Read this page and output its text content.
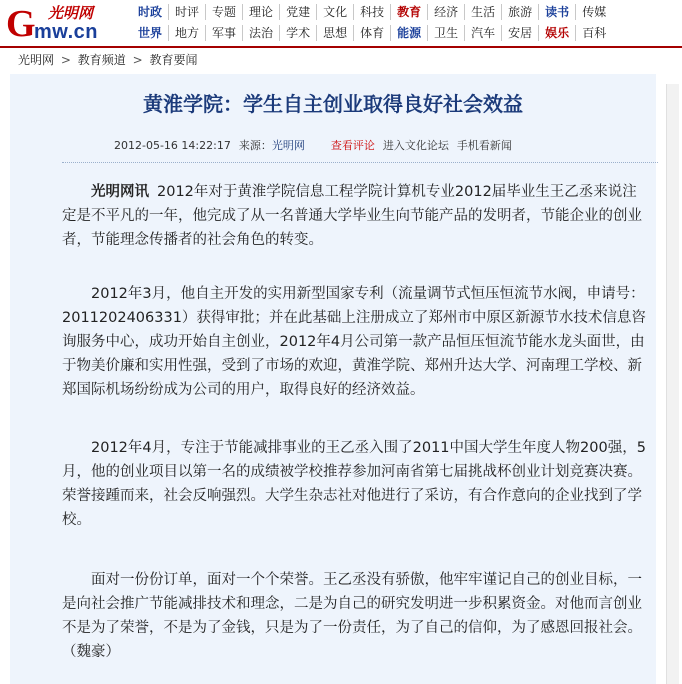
G
mw.cn
光明网	时政	时评	专题	理论	党建	文化	科技	教育	经济	生活	旅游	读书	传媒
世界	地方	军事	法治	学术	思想	体育	能源	卫生	汽车	安居	娱乐	百科
光明网 > 教育频道 > 教育要闻
黄淮学院：学生自主创业取得良好社会效益
2012-05-16 14:22:17 来源：光明网 查看评论 进入文化论坛 手机看新闻
光明网讯 2012年对于黄淮学院信息工程学院计算机专业2012届毕业生王乙丞来说注定是不平凡的一年，他完成了从一名普通大学毕业生向节能产品的发明者，节能企业的创业者，节能理念传播者的社会角色的转变。
2012年3月，他自主开发的实用新型国家专利（流量调节式恒压恒流节水阀，申请号：2011202406331）获得审批；并在此基础上注册成立了郑州市中原区新源节水技术信息咨询服务中心，成功开始自主创业，2012年4月公司第一款产品恒压恒流节能水龙头面世，由于物美价廉和实用性强，受到了市场的欢迎，黄淮学院、郑州升达大学、河南理工学校、新郑国际机场纷纷成为公司的用户，取得良好的经济效益。
2012年4月，专注于节能减排事业的王乙丞入围了2011中国大学生年度人物200强，5月，他的创业项目以第一名的成绩被学校推荐参加河南省第七届挑战杯创业计划竞赛决赛。荣誉接踵而来，社会反响强烈。大学生杂志社对他进行了采访，有合作意向的企业找到了学校。
面对一份份订单，面对一个个荣誉。王乙丞没有骄傲，他牢牢谨记自己的创业目标，一是向社会推广节能减排技术和理念，二是为自己的研究发明进一步积累资金。对他而言创业不是为了荣誉，不是为了金钱，只是为了一份责任，为了自己的信仰，为了感恩回报社会。（魏豪）
